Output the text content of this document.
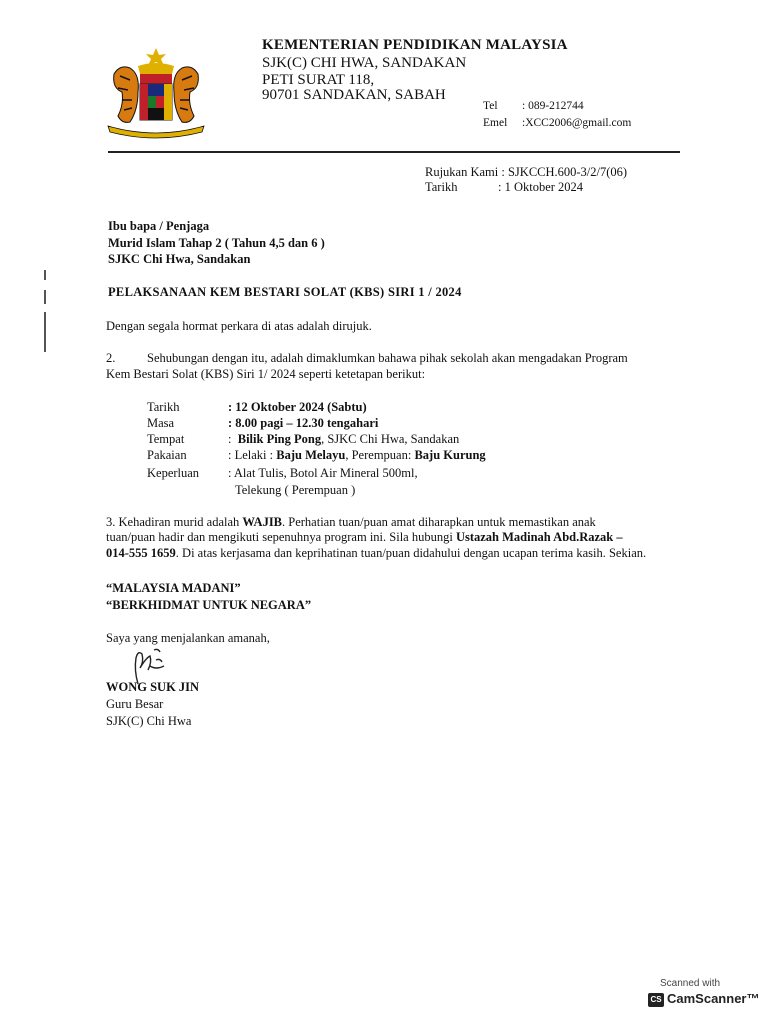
KEMENTERIAN PENDIDIKAN MALAYSIA
SJK(C) CHI HWA, SANDAKAN
PETI SURAT 118,
90701 SANDAKAN, SABAH
Tel : 089-212744
Emel :XCC2006@gmail.com
Rujukan Kami : SJKCCH.600-3/2/7(06)
Tarikh	: 1 Oktober 2024
Ibu bapa / Penjaga
Murid Islam Tahap 2 ( Tahun 4,5 dan 6 )
SJKC Chi Hwa, Sandakan
PELAKSANAAN KEM BESTARI SOLAT (KBS) SIRI 1 / 2024
Dengan segala hormat perkara di atas adalah dirujuk.
2.	Sehubungan dengan itu, adalah dimaklumkan bahawa pihak sekolah akan mengadakan Program
Kem Bestari Solat (KBS) Siri 1/ 2024 seperti ketetapan berikut:
Tarikh	: 12 Oktober 2024 (Sabtu)
Masa	: 8.00 pagi – 12.30 tengahari
Tempat	:  Bilik Ping Pong, SJKC Chi Hwa, Sandakan
Pakaian	: Lelaki : Baju Melayu, Perempuan: Baju Kurung
Keperluan : Alat Tulis, Botol Air Mineral 500ml,
Telekung ( Perempuan )
3. Kehadiran murid adalah WAJIB. Perhatian tuan/puan amat diharapkan untuk memastikan anak
tuan/puan hadir dan mengikuti sepenuhnya program ini. Sila hubungi Ustazah Madinah Abd.Razak –
014-555 1659. Di atas kerjasama dan keprihatinan tuan/puan didahului dengan ucapan terima kasih. Sekian.
“MALAYSIA MADANI”
“BERKHIDMAT UNTUK NEGARA”
Saya yang menjalankan amanah,
WONG SUK JIN
Guru Besar
SJK(C) Chi Hwa
Scanned with
CS CamScanner™
